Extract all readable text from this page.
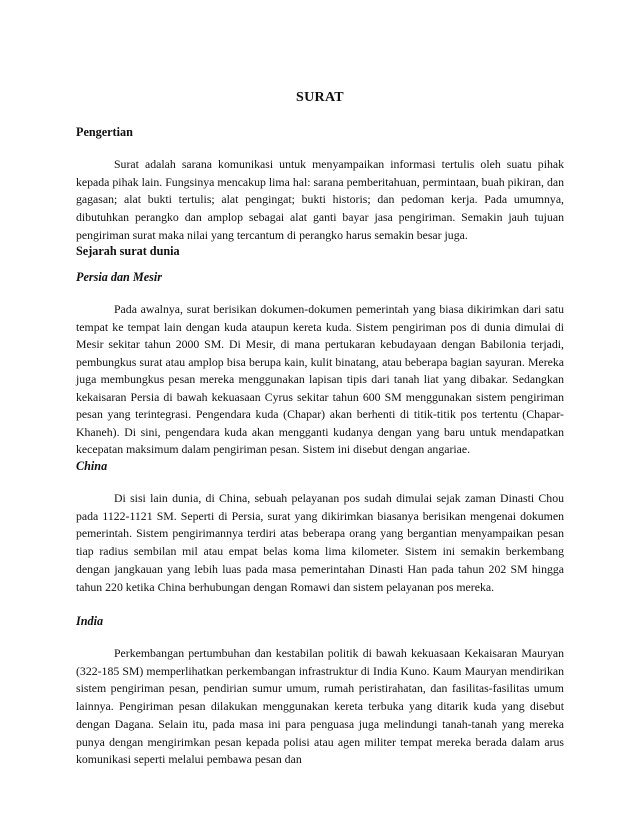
SURAT
Pengertian

Surat adalah sarana komunikasi untuk menyampaikan informasi tertulis oleh suatu pihak kepada pihak lain. Fungsinya mencakup lima hal: sarana pemberitahuan, permintaan, buah pikiran, dan gagasan; alat bukti tertulis; alat pengingat; bukti historis; dan pedoman kerja. Pada umumnya, dibutuhkan perangko dan amplop sebagai alat ganti bayar jasa pengiriman. Semakin jauh tujuan pengiriman surat maka nilai yang tercantum di perangko harus semakin besar juga.

Sejarah surat dunia
Persia dan Mesir

Pada awalnya, surat berisikan dokumen-dokumen pemerintah yang biasa dikirimkan dari satu tempat ke tempat lain dengan kuda ataupun kereta kuda. Sistem pengiriman pos di dunia dimulai di Mesir sekitar tahun 2000 SM. Di Mesir, di mana pertukaran kebudayaan dengan Babilonia terjadi, pembungkus surat atau amplop bisa berupa kain, kulit binatang, atau beberapa bagian sayuran. Mereka juga membungkus pesan mereka menggunakan lapisan tipis dari tanah liat yang dibakar. Sedangkan kekaisaran Persia di bawah kekuasaan Cyrus sekitar tahun 600 SM menggunakan sistem pengiriman pesan yang terintegrasi. Pengendara kuda (Chapar) akan berhenti di titik-titik pos tertentu (Chapar-Khaneh). Di sini, pengendara kuda akan mengganti kudanya dengan yang baru untuk mendapatkan kecepatan maksimum dalam pengiriman pesan. Sistem ini disebut dengan angariae.

China

Di sisi lain dunia, di China, sebuah pelayanan pos sudah dimulai sejak zaman Dinasti Chou pada 1122-1121 SM. Seperti di Persia, surat yang dikirimkan biasanya berisikan mengenai dokumen pemerintah. Sistem pengirimannya terdiri atas beberapa orang yang bergantian menyampaikan pesan tiap radius sembilan mil atau empat belas koma lima kilometer. Sistem ini semakin berkembang dengan jangkauan yang lebih luas pada masa pemerintahan Dinasti Han pada tahun 202 SM hingga tahun 220 ketika China berhubungan dengan Romawi dan sistem pelayanan pos mereka.

India

Perkembangan pertumbuhan dan kestabilan politik di bawah kekuasaan Kekaisaran Mauryan (322-185 SM) memperlihatkan perkembangan infrastruktur di India Kuno. Kaum Mauryan mendirikan sistem pengiriman pesan, pendirian sumur umum, rumah peristirahatan, dan fasilitas-fasilitas umum lainnya. Pengiriman pesan dilakukan menggunakan kereta terbuka yang ditarik kuda yang disebut dengan Dagana. Selain itu, pada masa ini para penguasa juga melindungi tanah-tanah yang mereka punya dengan mengirimkan pesan kepada polisi atau agen militer tempat mereka berada dalam arus komunikasi seperti melalui pembawa pesan dan
